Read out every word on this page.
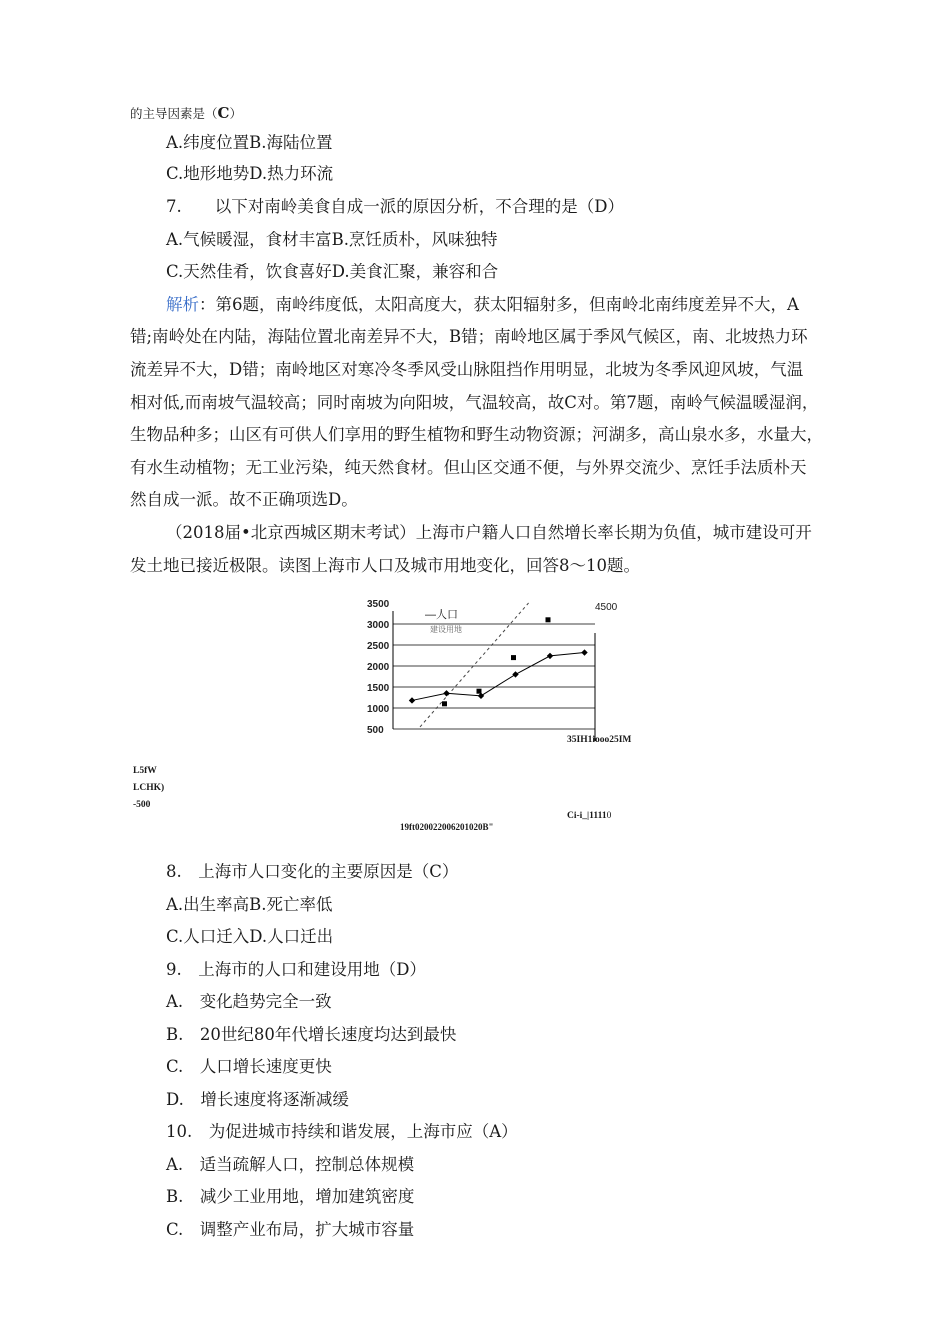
的主导因素是（C）
A.纬度位置B.海陆位置
C.地形地势D.热力环流
7.　　以下对南岭美食自成一派的原因分析，不合理的是（D）
A.气候暖湿，食材丰富B.烹饪质朴，风味独特
C.天然佳肴，饮食喜好D.美食汇聚，兼容和合
解析：第6题，南岭纬度低，太阳高度大，获太阳辐射多，但南岭北南纬度差异不大，A
错;南岭处在内陆，海陆位置北南差异不大，B错；南岭地区属于季风气候区，南、北坡热力环
流差异不大，D错；南岭地区对寒冷冬季风受山脉阻挡作用明显，北坡为冬季风迎风坡，气温
相对低,而南坡气温较高；同时南坡为向阳坡，气温较高，故C对。第7题，南岭气候温暖湿润，
生物品种多；山区有可供人们享用的野生植物和野生动物资源；河湖多，高山泉水多，水量大，
有水生动植物；无工业污染，纯天然食材。但山区交通不便，与外界交流少、烹饪手法质朴天
然自成一派。故不正确项选D。
（2018届•北京西城区期末考试）上海市户籍人口自然增长率长期为负值，城市建设可开
发土地已接近极限。读图上海市人口及城市用地变化，回答8〜10题。
3500
3000
2500
2000
1500
1000
500
4500
—人口
建设用地
35IH1iooo25IM
L5fW
LCHK)
-500
Ci-i_|11110
19ft020022006201020B"
8.　上海市人口变化的主要原因是（C）
A.出生率高B.死亡率低
C.人口迁入D.人口迁出
9.　上海市的人口和建设用地（D）
A.　变化趋势完全一致
B.　20世纪80年代增长速度均达到最快
C.　人口增长速度更快
D.　增长速度将逐渐减缓
10.　为促进城市持续和谐发展，上海市应（A）
A.　适当疏解人口，控制总体规模
B.　减少工业用地，增加建筑密度
C.　调整产业布局，扩大城市容量
